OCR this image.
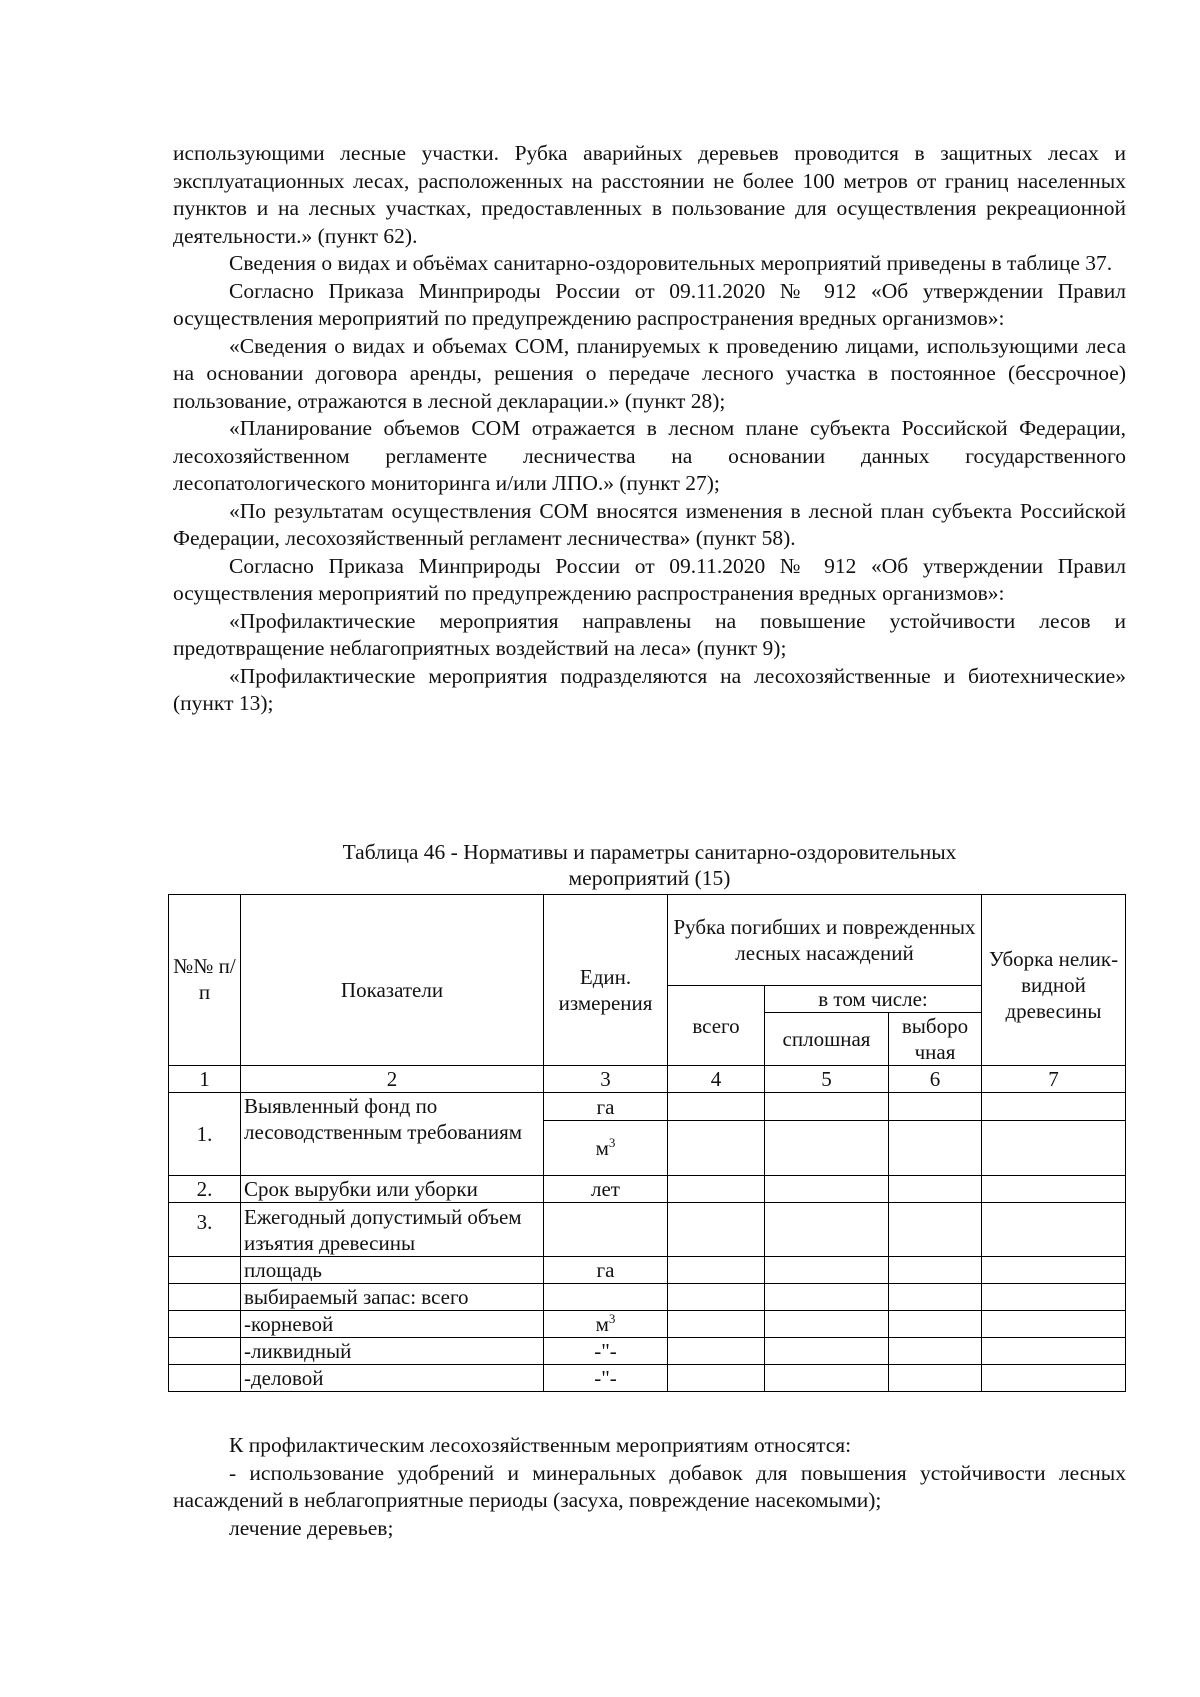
использующими лесные участки. Рубка аварийных деревьев проводится в защитных лесах и эксплуатационных лесах, расположенных на расстоянии не более 100 метров от границ населенных пунктов и на лесных участках, предоставленных в пользование для осуществления рекреационной деятельности.» (пункт 62).

Сведения о видах и объёмах санитарно-оздоровительных мероприятий приведены в таблице 37.

Согласно Приказа Минприроды России от 09.11.2020 № 912 «Об утверждении Правил осуществления мероприятий по предупреждению распространения вредных организмов»:

«Сведения о видах и объемах СОМ, планируемых к проведению лицами, использующими леса на основании договора аренды, решения о передаче лесного участка в постоянное (бессрочное) пользование, отражаются в лесной декларации.» (пункт 28);

«Планирование объемов СОМ отражается в лесном плане субъекта Российской Федерации, лесохозяйственном регламенте лесничества на основании данных государственного лесопатологического мониторинга и/или ЛПО.» (пункт 27);

«По результатам осуществления СОМ вносятся изменения в лесной план субъекта Российской Федерации, лесохозяйственный регламент лесничества» (пункт 58).

Согласно Приказа Минприроды России от 09.11.2020 № 912 «Об утверждении Правил осуществления мероприятий по предупреждению распространения вредных организмов»:

«Профилактические мероприятия направлены на повышение устойчивости лесов и предотвращение неблагоприятных воздействий на леса» (пункт 9);

«Профилактические мероприятия подразделяются на лесохозяйственные и биотехнические» (пункт 13);

Таблица 46 - Нормативы и параметры санитарно-оздоровительных
мероприятий (15)
№№ п/п	Показатели	Един. измерения	Рубка погибших и поврежденных лесных насаждений			Уборка нелик-видной древесины
			всего	в том числе:		
				сплошная	выборо чная	
1	2	3	4	5	6	7
1.	Выявленный фонд по лесоводственным требованиям	га				
		$м^3$				
2.	Срок вырубки или уборки	лет				
3.	Ежегодный допустимый объем изъятия древесины					
	площадь	га				
	выбираемый запас: всего					
	-корневой	$м^3$				
	-ликвидный	-"-				
	-деловой	-"-				

К профилактическим лесохозяйственным мероприятиям относятся:

- использование удобрений и минеральных добавок для повышения устойчивости лесных насаждений в неблагоприятные периоды (засуха, повреждение насекомыми);

лечение деревьев;
